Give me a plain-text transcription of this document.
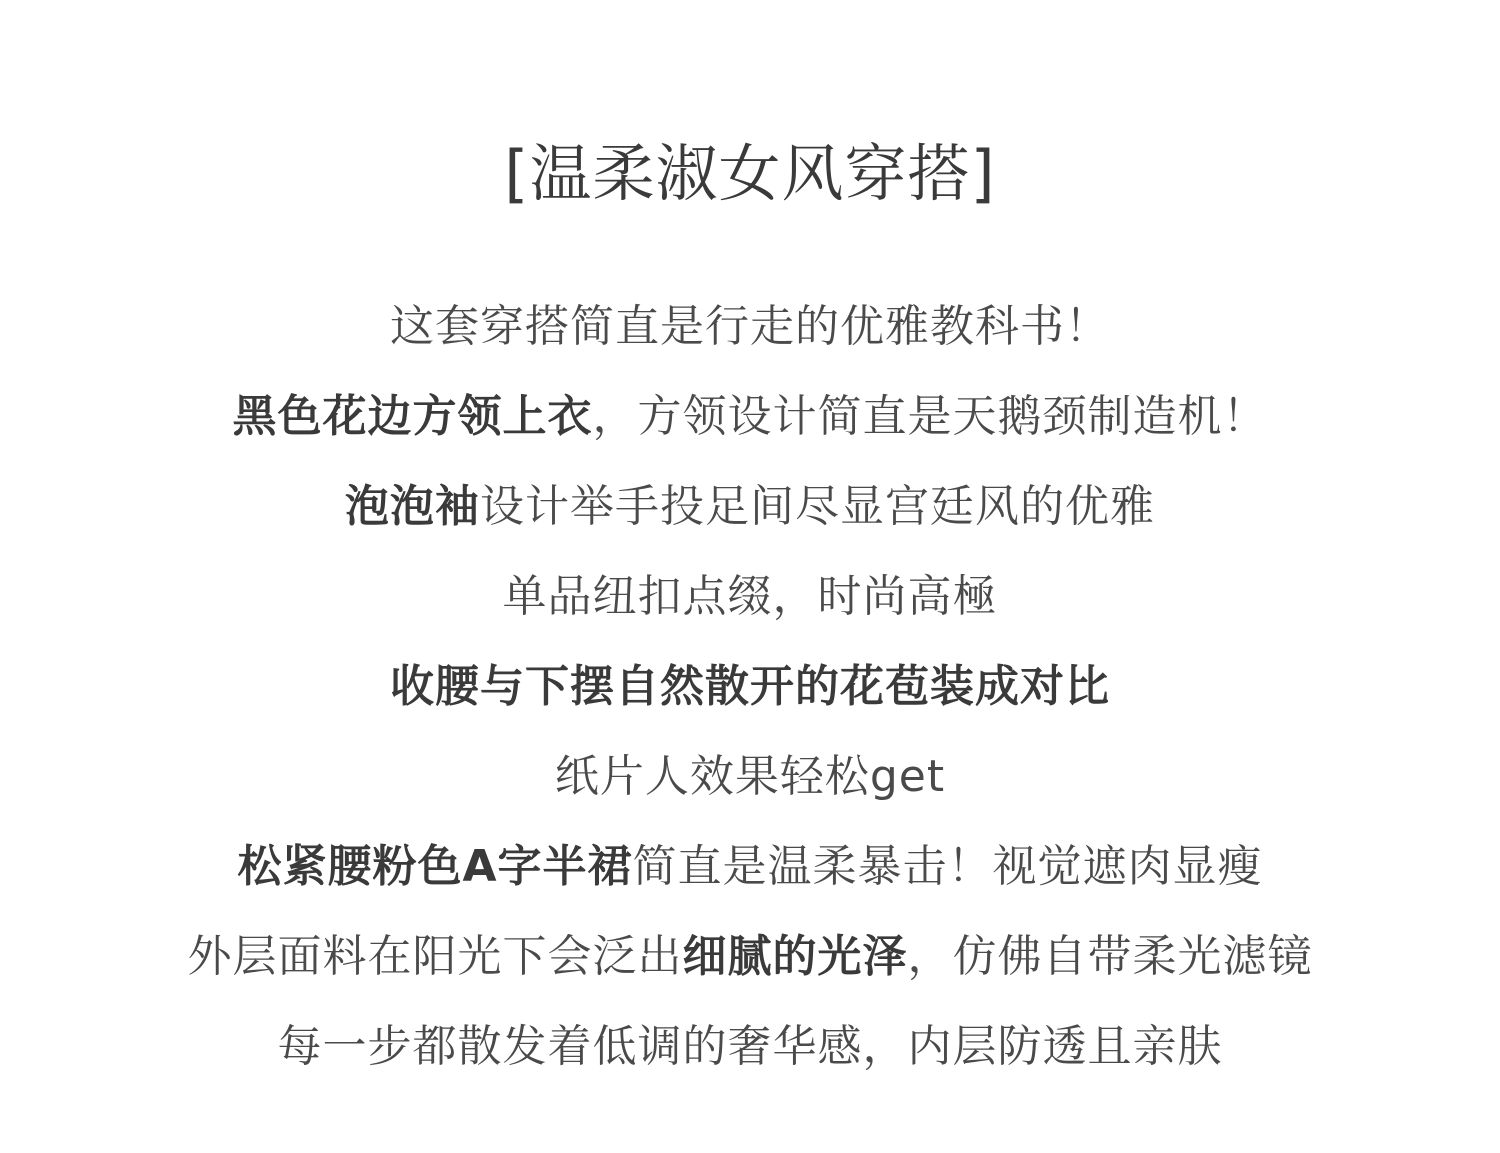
[温柔淑女风穿搭]
这套穿搭简直是行走的优雅教科书！
黑色花边方领上衣，方领设计简直是天鹅颈制造机！
泡泡袖设计举手投足间尽显宫廷风的优雅
单品纽扣点缀，时尚高極
收腰与下摆自然散开的花苞装成对比
纸片人效果轻松get
松紧腰粉色A字半裙简直是温柔暴击！视觉遮肉显瘦
外层面料在阳光下会泛出细腻的光泽，仿佛自带柔光滤镜
每一步都散发着低调的奢华感，内层防透且亲肤
